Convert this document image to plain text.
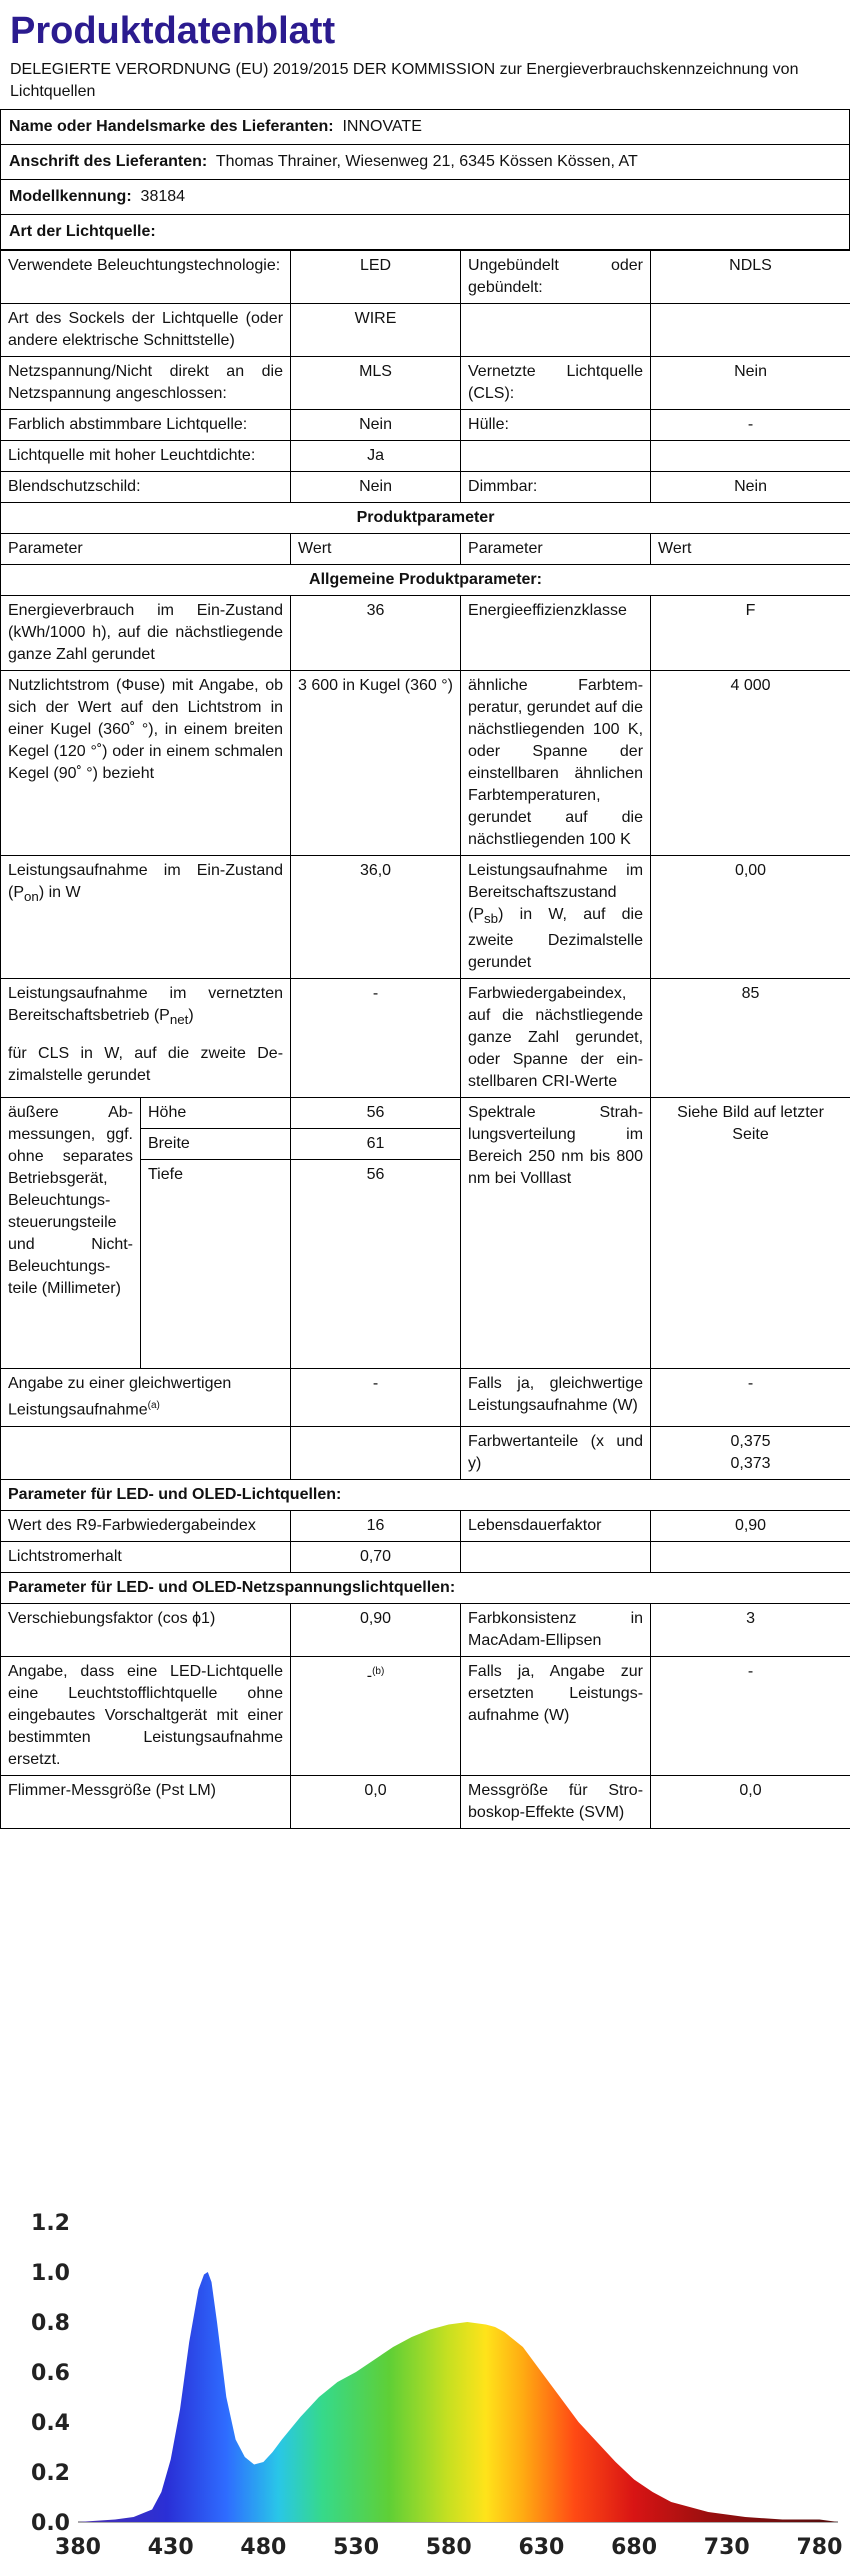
Produktdatenblatt
DELEGIERTE VERORDNUNG (EU) 2019/2015 DER KOMMISSION zur Energieverbrauchskennzeichnung von Lichtquellen
Name oder Handelsmarke des Lieferanten: INNOVATE
Anschrift des Lieferanten: Thomas Thrainer, Wiesenweg 21, 6345 Kössen Kössen, AT
Modellkennung: 38184
Art der Lichtquelle:
Verwendete Beleuchtungstechnologie:		LED	Ungebündelt oder gebündelt:	NDLS
Art des Sockels der Lichtquelle (oder andere elektrische Schnittstelle)		WIRE		
Netzspannung/Nicht direkt an die Netzspannung angeschlossen:		MLS	Vernetzte Lichtquelle (CLS):	Nein
Farblich abstimmbare Lichtquelle:		Nein	Hülle:	-
Lichtquelle mit hoher Leuchtdichte:		Ja		
Blendschutzschild:		Nein	Dimmbar:	Nein
Produktparameter				
Parameter		Wert	Parameter	Wert
Allgemeine Produktparameter:				
Energieverbrauch im Ein-Zustand (kWh/1000 h), auf die nächstliegende ganze Zahl gerundet		36	Energieeffizienzklasse	F
Nutzlichtstrom (Φuse) mit Angabe, ob sich der Wert auf den Lichtstrom in einer Kugel (360˚ °), in einem breiten Kegel (120 °˚) oder in einem schmalen Kegel (90˚ °) bezieht		3 600 in Kugel (360 °)	ähnliche Farbtemperatur, gerundet auf die nächstliegenden 100 K, oder Spanne der einstellbaren ähnlichen Farbtemperaturen, gerundet auf die nächstliegenden 100 K	4 000
Leistungsaufnahme im Ein-Zustand $(P_{on})$ in W		36,0	Leistungsaufnahme im Bereitschaftszustand $(P_{sb})$ in W, auf die zweite Dezimalstelle gerundet	0,00
Leistungsaufnahme im vernetzten Bereitschaftsbetrieb $(P_{net})$
für CLS in W, auf die zweite Dezimalstelle gerundet		-	Farbwiedergabeindex, auf die nächstliegende ganze Zahl gerundet, oder Spanne der einstellbaren CRI-Werte	85
äußere Abmessungen, ggf. ohne separates Betriebsgerät, Beleuchtungssteuerungsteile und Nicht-Beleuchtungsteile (Millimeter)	Höhe	56	Spektrale Strahlungsverteilung im Bereich 250 nm bis 800 nm bei Volllast	Siehe Bild auf letzter Seite
	Breite	61		
	Tiefe	56		
Angabe zu einer gleichwertigen Leistungsaufnahme$^{(a)}$		-	Falls ja, gleichwertige Leistungsaufnahme (W)	-
			Farbwertanteile (x und y)	0,375
0,373

Parameter für LED- und OLED-Lichtquellen:				
Wert des R9-Farbwiedergabeindex		16	Lebensdauerfaktor	0,90
Lichtstromerhalt		0,70		
Parameter für LED- und OLED-Netzspannungslichtquellen:				
Verschiebungsfaktor (cos ϕ1)		0,90	Farbkonsistenz in MacAdam-Ellipsen	3
Angabe, dass eine LED-Lichtquelle eine Leuchtstofflichtquelle ohne eingebautes Vorschaltgerät mit einer bestimmten Leistungsaufnahme ersetzt.		-$^{(b)}$	Falls ja, Angabe zur ersetzten Leistungsaufnahme (W)	-
Flimmer-Messgröße (Pst LM)		0,0	Messgröße für Stroboskop-Effekte (SVM)	0,0
0.0
0.2
0.4
0.6
0.8
1.0
1.2
380 430 480 530 580 630 680 730 780
